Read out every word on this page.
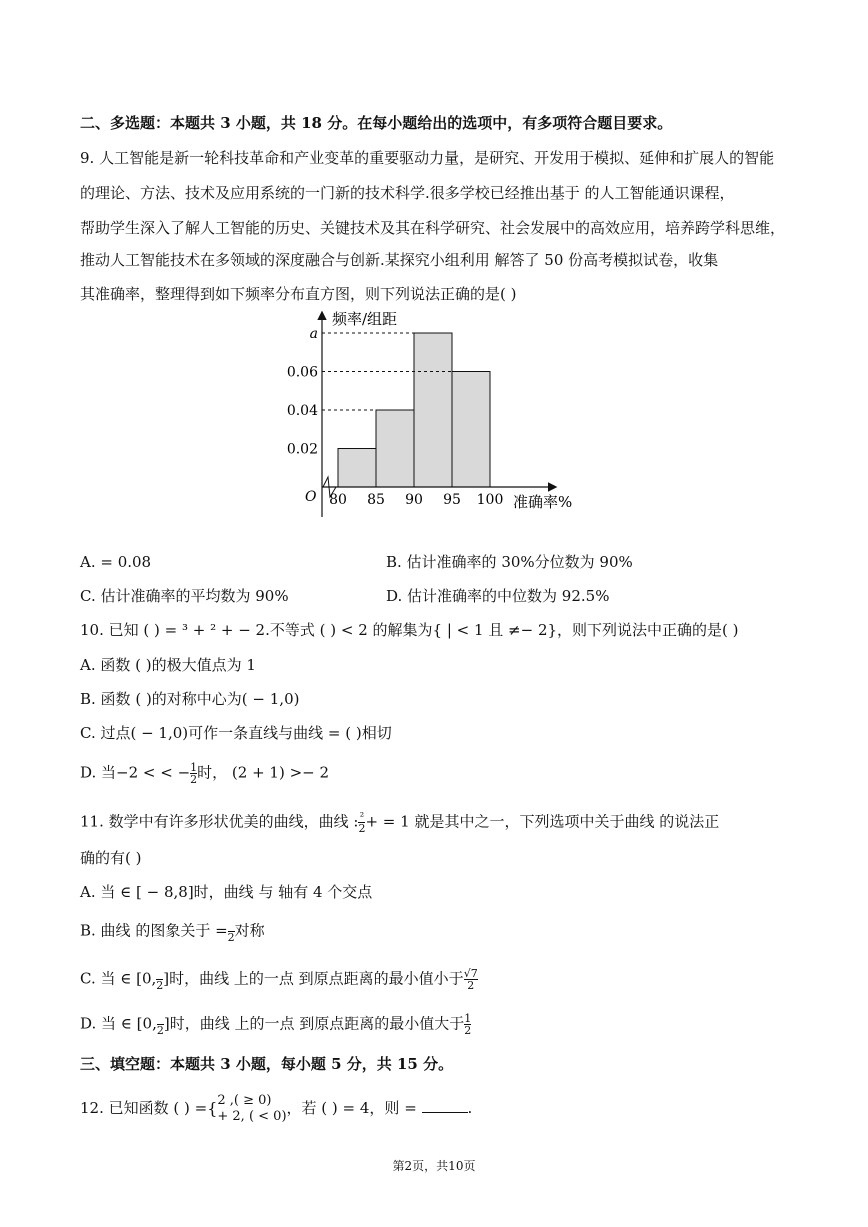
二、多选题：本题共 3 小题，共 18 分。在每小题给出的选项中，有多项符合题目要求。
9. 人工智能是新一轮科技革命和产业变革的重要驱动力量，是研究、开发用于模拟、延伸和扩展人的智能
的理论、方法、技术及应用系统的一门新的技术科学.很多学校已经推出基于 的人工智能通识课程，
帮助学生深入了解人工智能的历史、关键技术及其在科学研究、社会发展中的高效应用，培养跨学科思维，
推动人工智能技术在多领域的深度融合与创新.某探究小组利用 解答了 50 份高考模拟试卷，收集
其准确率，整理得到如下频率分布直方图，则下列说法正确的是( )
0.02
0.04
0.06
a
80 85 90 95 100
频率/组距
准确率%
O
A. = 0.08	B. 估计准确率的 30%分位数为 90%
C. 估计准确率的平均数为 90%	D. 估计准确率的中位数为 92.5%
10. 已知 ( ) = ³ + ² + − 2.不等式 ( ) < 2 的解集为{ | < 1 且 ≠− 2}，则下列说法中正确的是( )
A. 函数 ( )的极大值点为 1
B. 函数 ( )的对称中心为( − 1,0)
C. 过点( − 1,0)可作一条直线与曲线 = ( )相切
D. 当−2 < < − $\frac{1}{2}$ 时， (2 + 1) >− 2
11. 数学中有许多形状优美的曲线，曲线 : ²
2 + = 1 就是其中之一，下列选项中关于曲线 的说法正
确的有( )
A. 当 ∈ [ − 8,8]时，曲线 与 轴有 4 个交点
B. 曲线 的图象关于 =
2 对称
C. 当 ∈ [0,
2 ]时，曲线 上的一点 到原点距离的最小值小于 $\frac{√7}{2}$
D. 当 ∈ [0,
2 ]时，曲线 上的一点 到原点距离的最小值大于 $\frac{1}{2}$
三、填空题：本题共 3 小题，每小题 5 分，共 15 分。
12. 已知函数 ( ) ={ 2 ,( ≥ 0)
+ 2, ( < 0) ，若 ( ) = 4，则 =	.
第2页，共10页
